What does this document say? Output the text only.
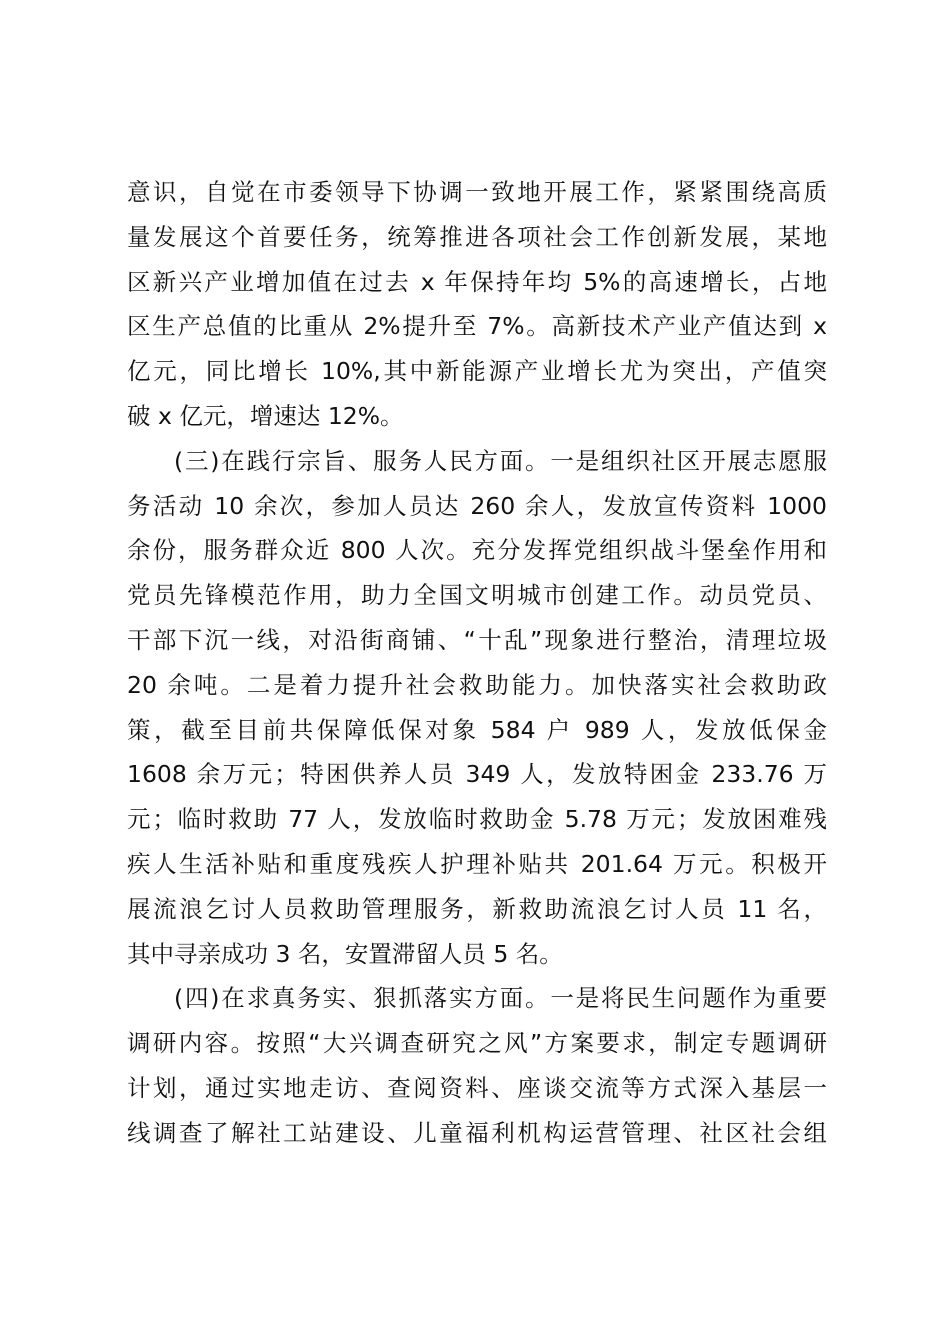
意识，自觉在市委领导下协调一致地开展工作，紧紧围绕高质
量发展这个首要任务，统筹推进各项社会工作创新发展，某地
区新兴产业增加值在过去 x 年保持年均 5%的高速增长，占地
区生产总值的比重从 2%提升至 7%。高新技术产业产值达到 x
亿元，同比增长 10%,其中新能源产业增长尤为突出，产值突
破 x 亿元，增速达 12%。

(三)在践行宗旨、服务人民方面。一是组织社区开展志愿服
务活动 10 余次，参加人员达 260 余人，发放宣传资料 1000
余份，服务群众近 800 人次。充分发挥党组织战斗堡垒作用和
党员先锋模范作用，助力全国文明城市创建工作。动员党员、
干部下沉一线，对沿街商铺、“十乱”现象进行整治，清理垃圾
20 余吨。二是着力提升社会救助能力。加快落实社会救助政
策，截至目前共保障低保对象 584 户 989 人，发放低保金
1608 余万元；特困供养人员 349 人，发放特困金 233.76 万
元；临时救助 77 人，发放临时救助金 5.78 万元；发放困难残
疾人生活补贴和重度残疾人护理补贴共 201.64 万元。积极开
展流浪乞讨人员救助管理服务，新救助流浪乞讨人员 11 名，
其中寻亲成功 3 名，安置滞留人员 5 名。

(四)在求真务实、狠抓落实方面。一是将民生问题作为重要
调研内容。按照“大兴调查研究之风”方案要求，制定专题调研
计划，通过实地走访、查阅资料、座谈交流等方式深入基层一
线调查了解社工站建设、儿童福利机构运营管理、社区社会组
